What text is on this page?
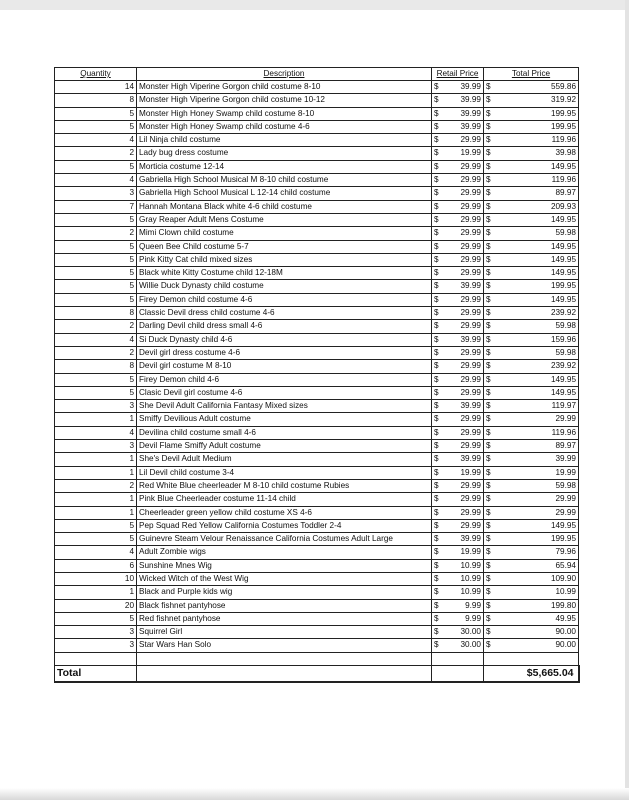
Quantity	Description	Retail Price	Total Price
14	Monster High Viperine Gorgon child costume 8-10	$ 39.99	$ 559.86

8	Monster High Viperine Gorgon child costume 10-12	$ 39.99	$ 319.92

5	Monster High Honey Swamp child costume 8-10	$ 39.99	$ 199.95

5	Monster High Honey Swamp child costume 4-6	$ 39.99	$ 199.95

4	Lil Ninja child costume	$ 29.99	$ 119.96

2	Lady bug dress costume	$ 19.99	$ 39.98

5	Morticia costume 12-14	$ 29.99	$ 149.95

4	Gabriella High School Musical M 8-10 child costume	$ 29.99	$ 119.96

3	Gabriella High School Musical L 12-14 child costume	$ 29.99	$ 89.97

7	Hannah Montana Black white 4-6 child costume	$ 29.99	$ 209.93

5	Gray Reaper Adult Mens Costume	$ 29.99	$ 149.95

2	Mimi Clown child costume	$ 29.99	$ 59.98

5	Queen Bee Child costume 5-7	$ 29.99	$ 149.95

5	Pink Kitty Cat child mixed sizes	$ 29.99	$ 149.95

5	Black white Kitty Costume child 12-18M	$ 29.99	$ 149.95

5	Willie Duck Dynasty child costume	$ 39.99	$ 199.95

5	Firey Demon child costume 4-6	$ 29.99	$ 149.95

8	Classic Devil dress child costume 4-6	$ 29.99	$ 239.92

2	Darling Devil child dress small 4-6	$ 29.99	$ 59.98

4	Si Duck Dynasty child 4-6	$ 39.99	$ 159.96

2	Devil girl dress costume 4-6	$ 29.99	$ 59.98

8	Devil girl costume M 8-10	$ 29.99	$ 239.92

5	Firey Demon child 4-6	$ 29.99	$ 149.95

5	Clasic Devil girl costume 4-6	$ 29.99	$ 149.95

3	She Devil Adult California Fantasy Mixed sizes	$ 39.99	$ 119.97

1	Smiffy Devilious Adult costume	$ 29.99	$ 29.99

4	Devilina child costume small 4-6	$ 29.99	$ 119.96

3	Devil Flame Smiffy Adult costume	$ 29.99	$ 89.97

1	She's Devil Adult Medium	$ 39.99	$ 39.99

1	Lil Devil child costume 3-4	$ 19.99	$ 19.99

2	Red White Blue cheerleader M 8-10 child costume Rubies	$ 29.99	$ 59.98

1	Pink Blue Cheerleader costume 11-14 child	$ 29.99	$ 29.99

1	Cheerleader green yellow child costume XS 4-6	$ 29.99	$ 29.99

5	Pep Squad Red Yellow California Costumes Toddler 2-4	$ 29.99	$ 149.95

5	Guinevre Steam Velour Renaissance California Costumes Adult Large	$ 39.99	$ 199.95

4	Adult Zombie wigs	$ 19.99	$ 79.96

6	Sunshine Mnes Wig	$ 10.99	$ 65.94

10	Wicked Witch of the West Wig	$ 10.99	$ 109.90

1	Black and Purple kids wig	$ 10.99	$ 10.99

20	Black fishnet pantyhose	$ 9.99	$ 199.80

5	Red fishnet pantyhose	$ 9.99	$ 49.95

3	Squirrel Girl	$ 30.00	$ 90.00

3	Star Wars Han Solo	$ 30.00	$ 90.00

Total			$5,665.04
